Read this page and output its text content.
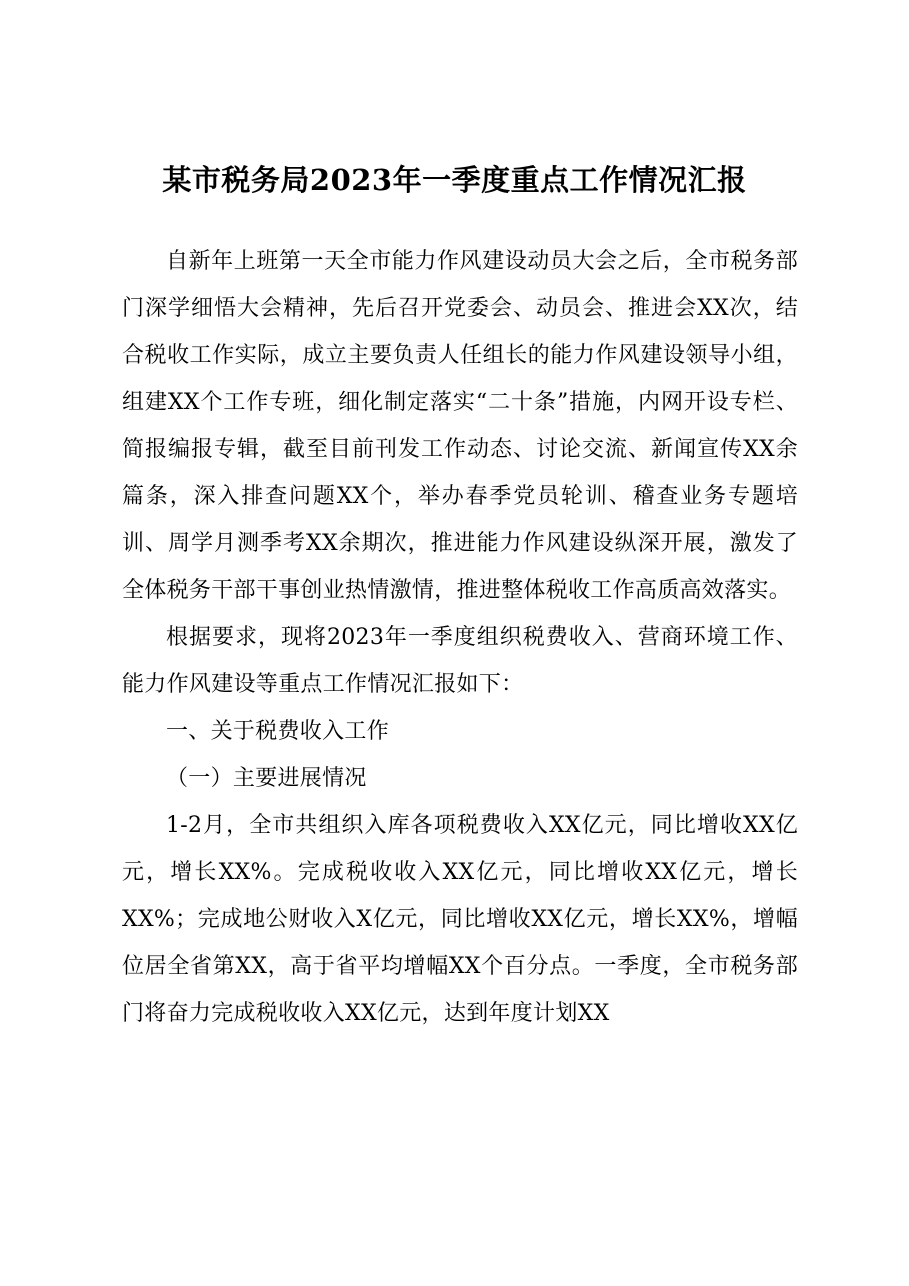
某市税务局2023年一季度重点工作情况汇报

自新年上班第一天全市能力作风建设动员大会之后，全市税务部门深学细悟大会精神，先后召开党委会、动员会、推进会XX次，结合税收工作实际，成立主要负责人任组长的能力作风建设领导小组，组建XX个工作专班，细化制定落实“二十条”措施，内网开设专栏、简报编报专辑，截至目前刊发工作动态、讨论交流、新闻宣传XX余篇条，深入排查问题XX个，举办春季党员轮训、稽查业务专题培训、周学月测季考XX余期次，推进能力作风建设纵深开展，激发了全体税务干部干事创业热情激情，推进整体税收工作高质高效落实。

根据要求，现将2023年一季度组织税费收入、营商环境工作、能力作风建设等重点工作情况汇报如下：

一、关于税费收入工作

（一）主要进展情况

1-2月，全市共组织入库各项税费收入XX亿元，同比增收XX亿元，增长XX%。完成税收收入XX亿元，同比增收XX亿元，增长XX%；完成地公财收入X亿元，同比增收XX亿元，增长XX%，增幅位居全省第XX，高于省平均增幅XX个百分点。一季度，全市税务部门将奋力完成税收收入XX亿元，达到年度计划XX
